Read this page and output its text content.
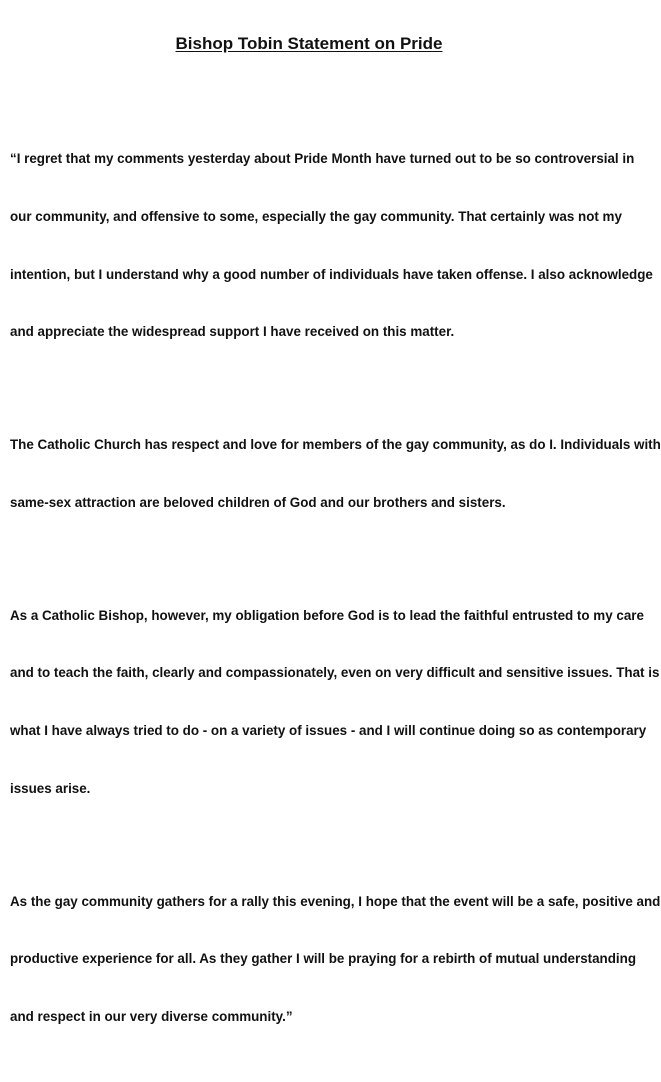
Bishop Tobin Statement on Pride

“I regret that my comments yesterday about Pride Month have turned out to be so controversial in

our community, and offensive to some, especially the gay community. That certainly was not my

intention, but I understand why a good number of individuals have taken offense. I also acknowledge

and appreciate the widespread support I have received on this matter.

The Catholic Church has respect and love for members of the gay community, as do I. Individuals with

same-sex attraction are beloved children of God and our brothers and sisters.

As a Catholic Bishop, however, my obligation before God is to lead the faithful entrusted to my care

and to teach the faith, clearly and compassionately, even on very difficult and sensitive issues. That is

what I have always tried to do - on a variety of issues - and I will continue doing so as contemporary

issues arise.

As the gay community gathers for a rally this evening, I hope that the event will be a safe, positive and

productive experience for all. As they gather I will be praying for a rebirth of mutual understanding

and respect in our very diverse community.”
